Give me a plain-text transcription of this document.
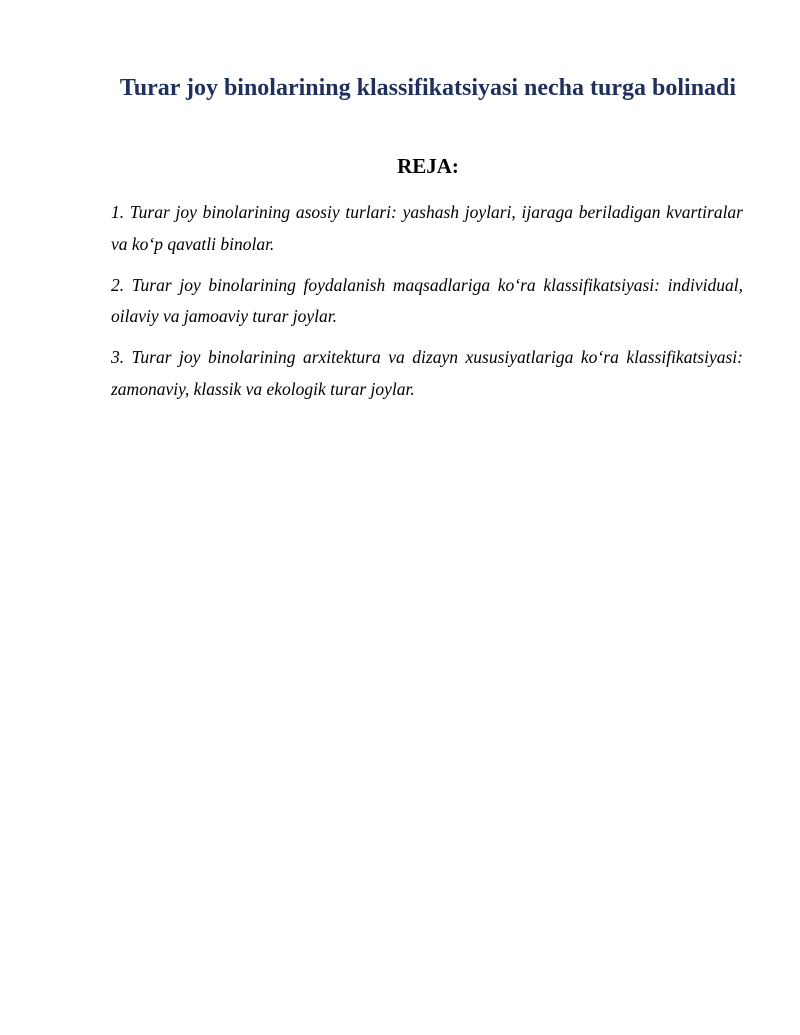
Turar joy binolarining klassifikatsiyasi necha turga bolinadi
REJA:
1. Turar joy binolarining asosiy turlari: yashash joylari, ijaraga beriladigan kvartiralar va ko‘p qavatli binolar.
2. Turar joy binolarining foydalanish maqsadlariga ko‘ra klassifikatsiyasi: individual, oilaviy va jamoaviy turar joylar.
3. Turar joy binolarining arxitektura va dizayn xususiyatlariga ko‘ra klassifikatsiyasi: zamonaviy, klassik va ekologik turar joylar.
